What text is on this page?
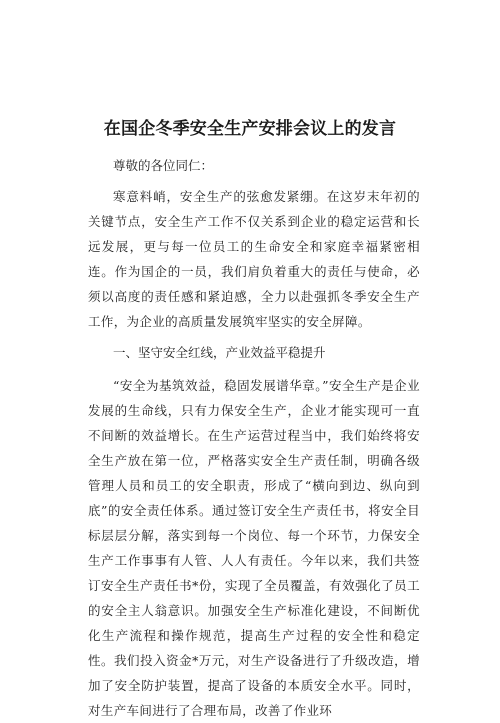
在国企冬季安全生产安排会议上的发言

尊敬的各位同仁：

寒意料峭，安全生产的弦愈发紧绷。在这岁末年初的关键节点，安全生产工作不仅关系到企业的稳定运营和长远发展，更与每一位员工的生命安全和家庭幸福紧密相连。作为国企的一员，我们肩负着重大的责任与使命，必须以高度的责任感和紧迫感，全力以赴强抓冬季安全生产工作，为企业的高质量发展筑牢坚实的安全屏障。

一、坚守安全红线，产业效益平稳提升

“安全为基筑效益，稳固发展谱华章。”安全生产是企业发展的生命线，只有力保安全生产，企业才能实现可一直不间断的效益增长。在生产运营过程当中，我们始终将安全生产放在第一位，严格落实安全生产责任制，明确各级管理人员和员工的安全职责，形成了“横向到边、纵向到底”的安全责任体系。通过签订安全生产责任书，将安全目标层层分解，落实到每一个岗位、每一个环节，力保安全生产工作事事有人管、人人有责任。今年以来，我们共签订安全生产责任书*份，实现了全员覆盖，有效强化了员工的安全主人翁意识。加强安全生产标准化建设，不间断优化生产流程和操作规范，提高生产过程的安全性和稳定性。我们投入资金*万元，对生产设备进行了升级改造，增加了安全防护装置，提高了设备的本质安全水平。同时，对生产车间进行了合理布局，改善了作业环
